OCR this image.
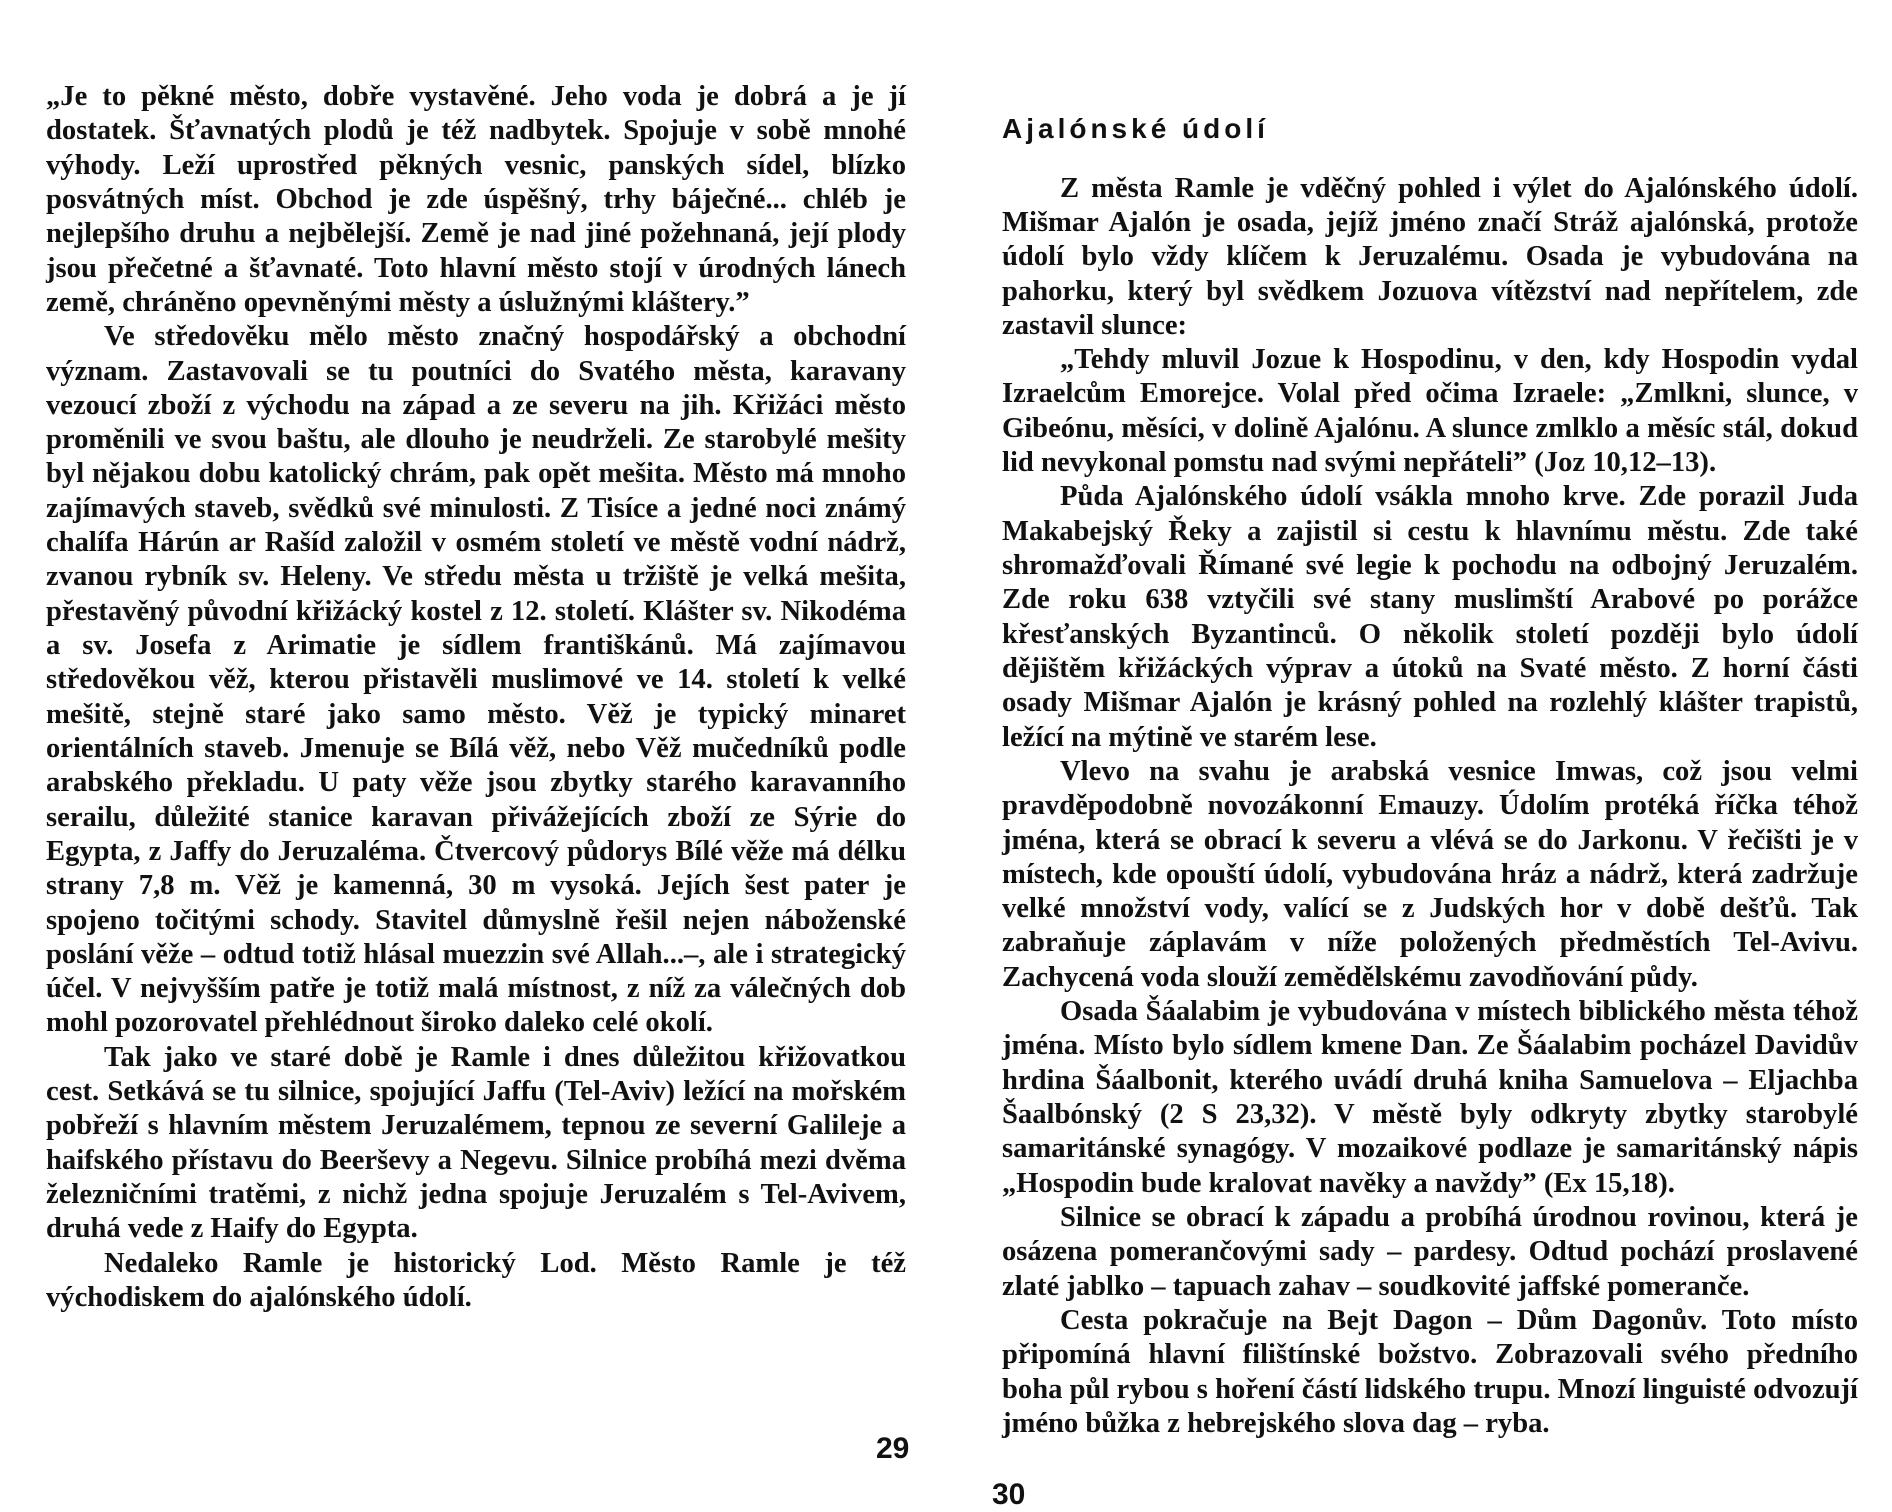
„Je to pěkné město, dobře vystavěné. Jeho voda je dobrá a je jí dostatek. Šťavnatých plodů je též nadbytek. Spojuje v sobě mnohé výhody. Leží uprostřed pěkných vesnic, panských sídel, blízko posvátných míst. Obchod je zde úspěšný, trhy báječné... chléb je nejlepšího druhu a nejbělejší. Země je nad jiné požehnaná, její plody jsou přečetné a šťavnaté. Toto hlavní město stojí v úrodných lánech země, chráněno opevněnými městy a úslužnými kláštery.”

Ve středověku mělo město značný hospodářský a obchodní význam. Zastavovali se tu poutníci do Svatého města, karavany vezoucí zboží z východu na západ a ze severu na jih. Křižáci město proměnili ve svou baštu, ale dlouho je neudrželi. Ze starobylé mešity byl nějakou dobu katolický chrám, pak opět mešita. Město má mnoho zajímavých staveb, svědků své minulosti. Z Tisíce a jedné noci známý chalífa Hárún ar Rašíd založil v osmém století ve městě vodní nádrž, zvanou rybník sv. Heleny. Ve středu města u tržiště je velká mešita, přestavěný původní křižácký kostel z 12. století. Klášter sv. Nikodéma a sv. Josefa z Arimatie je sídlem františkánů. Má zajímavou středověkou věž, kterou přistavěli muslimové ve 14. století k velké mešitě, stejně staré jako samo město. Věž je typický minaret orientálních staveb. Jmenuje se Bílá věž, nebo Věž mučedníků podle arabského překladu. U paty věže jsou zbytky starého karavanního serailu, důležité stanice karavan přivážejících zboží ze Sýrie do Egypta, z Jaffy do Jeruzaléma. Čtvercový půdorys Bílé věže má délku strany 7,8 m. Věž je kamenná, 30 m vysoká. Jejích šest pater je spojeno točitými schody. Stavitel důmyslně řešil nejen náboženské poslání věže – odtud totiž hlásal muezzin své Allah...–, ale i strategický účel. V nejvyšším patře je totiž malá místnost, z níž za válečných dob mohl pozorovatel přehlédnout široko daleko celé okolí.

Tak jako ve staré době je Ramle i dnes důležitou křižovatkou cest. Setkává se tu silnice, spojující Jaffu (Tel-Aviv) ležící na mořském pobřeží s hlavním městem Jeruzalémem, tepnou ze severní Galileje a haifského přístavu do Beerševy a Negevu. Silnice probíhá mezi dvěma železničními tratěmi, z nichž jedna spojuje Jeruzalém s Tel-Avivem, druhá vede z Haify do Egypta.

Nedaleko Ramle je historický Lod. Město Ramle je též východiskem do ajalónského údolí.

29
Ajalónské údolí

Z města Ramle je vděčný pohled i výlet do Ajalónského údolí. Mišmar Ajalón je osada, jejíž jméno značí Stráž ajalónská, protože údolí bylo vždy klíčem k Jeruzalému. Osada je vybudována na pahorku, který byl svědkem Jozuova vítězství nad nepřítelem, zde zastavil slunce:

„Tehdy mluvil Jozue k Hospodinu, v den, kdy Hospodin vydal Izraelcům Emorejce. Volal před očima Izraele: „Zmlkni, slunce, v Gibeónu, měsíci, v dolině Ajalónu. A slunce zmlklo a měsíc stál, dokud lid nevykonal pomstu nad svými nepřáteli” (Joz 10,12–13).

Půda Ajalónského údolí vsákla mnoho krve. Zde porazil Juda Makabejský Řeky a zajistil si cestu k hlavnímu městu. Zde také shromažďovali Římané své legie k pochodu na odbojný Jeruzalém. Zde roku 638 vztyčili své stany muslimští Arabové po porážce křesťanských Byzantinců. O několik století později bylo údolí dějištěm křižáckých výprav a útoků na Svaté město. Z horní části osady Mišmar Ajalón je krásný pohled na rozlehlý klášter trapistů, ležící na mýtině ve starém lese.

Vlevo na svahu je arabská vesnice Imwas, což jsou velmi pravděpodobně novozákonní Emauzy. Údolím protéká říčka téhož jména, která se obrací k severu a vlévá se do Jarkonu. V řečišti je v místech, kde opouští údolí, vybudována hráz a nádrž, která zadržuje velké množství vody, valící se z Judských hor v době dešťů. Tak zabraňuje záplavám v níže položených předměstích Tel-Avivu. Zachycená voda slouží zemědělskému zavodňování půdy.

Osada Šáalabim je vybudována v místech biblického města téhož jména. Místo bylo sídlem kmene Dan. Ze Šáalabim pocházel Davidův hrdina Šáalbonit, kterého uvádí druhá kniha Samuelova – Eljachba Šaalbónský (2 S 23,32). V městě byly odkryty zbytky starobylé samaritánské synagógy. V mozaikové podlaze je samaritánský nápis „Hospodin bude kralovat navěky a navždy” (Ex 15,18).

Silnice se obrací k západu a probíhá úrodnou rovinou, která je osázena pomerančovými sady – pardesy. Odtud pochází proslavené zlaté jablko – tapuach zahav – soudkovité jaffské pomeranče.

Cesta pokračuje na Bejt Dagon – Dům Dagonův. Toto místo připomíná hlavní filištínské božstvo. Zobrazovali svého předního boha půl rybou s hoření částí lidského trupu. Mnozí linguisté odvozují jméno bůžka z hebrejského slova dag – ryba.

30
